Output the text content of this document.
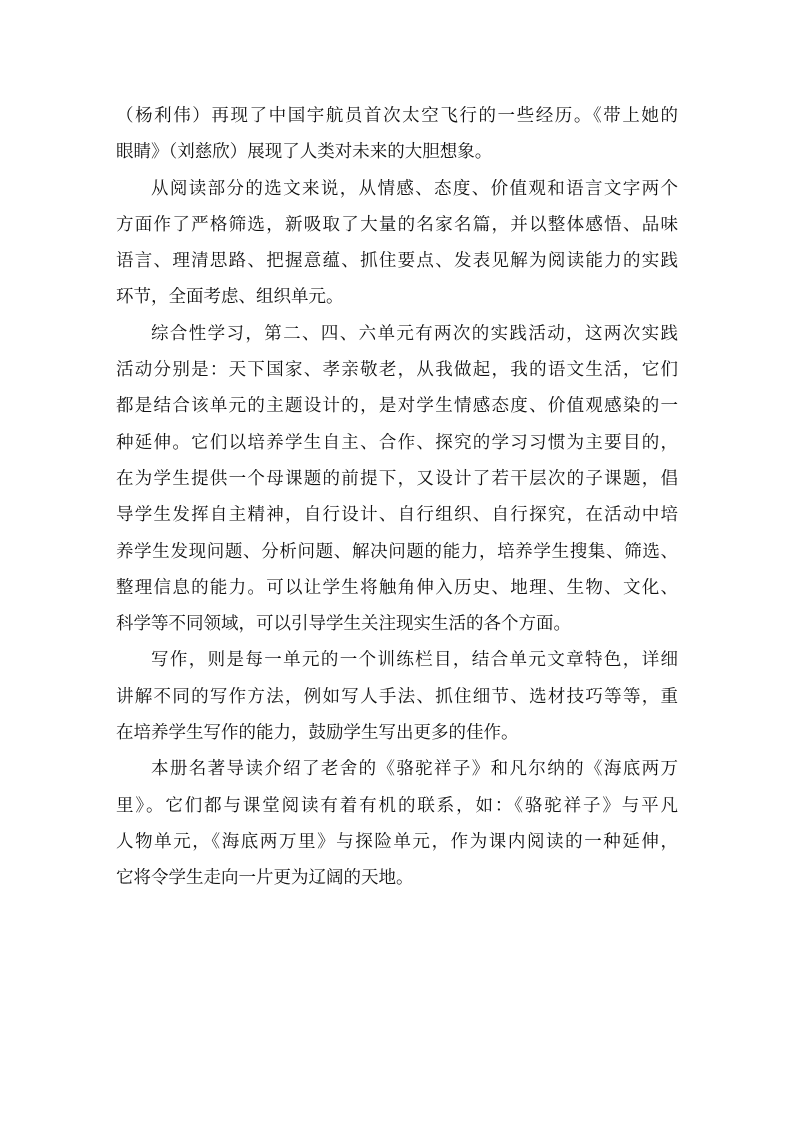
（杨利伟）再现了中国宇航员首次太空飞行的一些经历。《带上她的
眼睛》（刘慈欣）展现了人类对未来的大胆想象。
从阅读部分的选文来说，从情感、态度、价值观和语言文字两个
方面作了严格筛选，新吸取了大量的名家名篇，并以整体感悟、品味
语言、理清思路、把握意蕴、抓住要点、发表见解为阅读能力的实践
环节，全面考虑、组织单元。
综合性学习，第二、四、六单元有两次的实践活动，这两次实践
活动分别是：天下国家、孝亲敬老，从我做起，我的语文生活，它们
都是结合该单元的主题设计的，是对学生情感态度、价值观感染的一
种延伸。它们以培养学生自主、合作、探究的学习习惯为主要目的，
在为学生提供一个母课题的前提下，又设计了若干层次的子课题，倡
导学生发挥自主精神，自行设计、自行组织、自行探究，在活动中培
养学生发现问题、分析问题、解决问题的能力，培养学生搜集、筛选、
整理信息的能力。可以让学生将触角伸入历史、地理、生物、文化、
科学等不同领域，可以引导学生关注现实生活的各个方面。
写作，则是每一单元的一个训练栏目，结合单元文章特色，详细
讲解不同的写作方法，例如写人手法、抓住细节、选材技巧等等，重
在培养学生写作的能力，鼓励学生写出更多的佳作。
本册名著导读介绍了老舍的《骆驼祥子》和凡尔纳的《海底两万
里》。它们都与课堂阅读有着有机的联系，如：《骆驼祥子》与平凡
人物单元，《海底两万里》与探险单元，作为课内阅读的一种延伸，
它将令学生走向一片更为辽阔的天地。
